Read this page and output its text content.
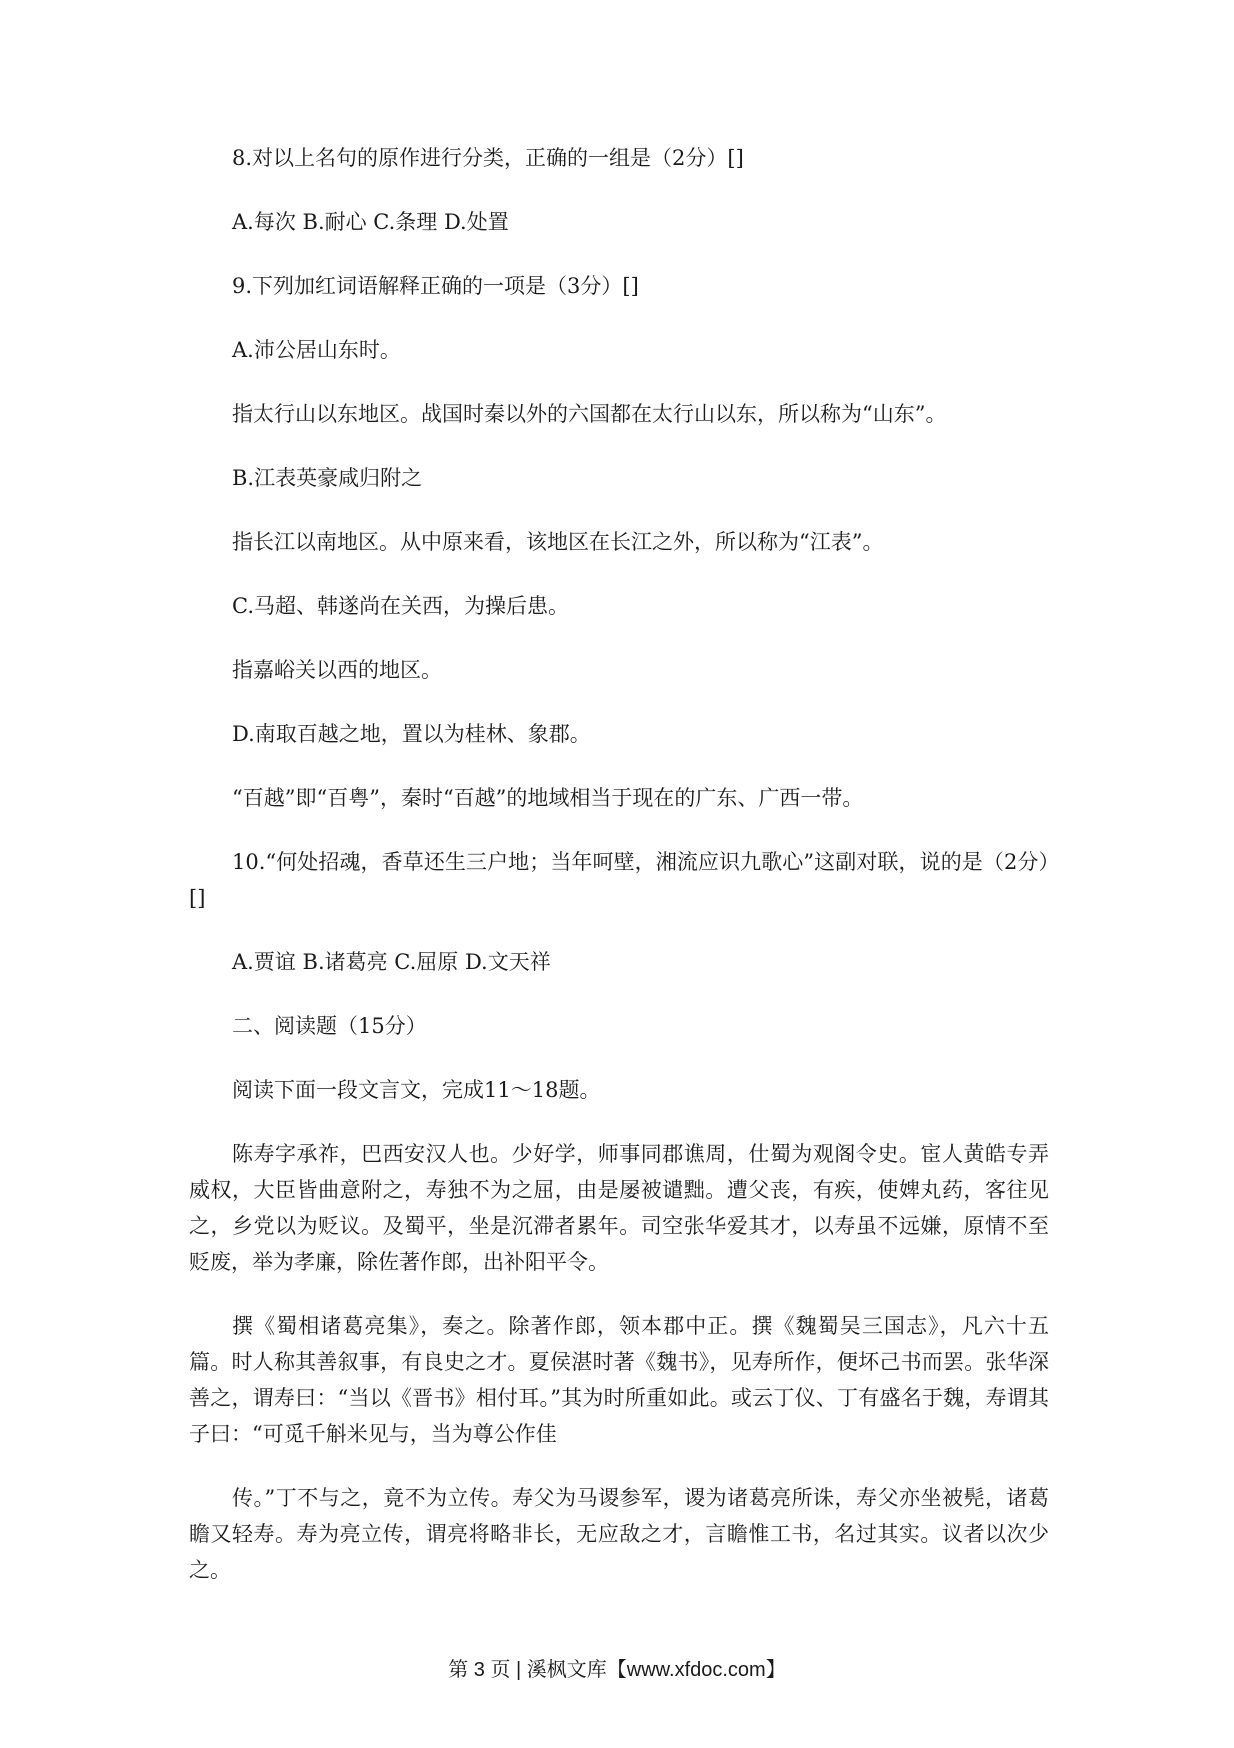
8.对以上名句的原作进行分类，正确的一组是（2分）[]

A.每次 B.耐心 C.条理 D.处置

9.下列加红词语解释正确的一项是（3分）[]

A.沛公居山东时。

指太行山以东地区。战国时秦以外的六国都在太行山以东，所以称为“山东”。

B.江表英豪咸归附之

指长江以南地区。从中原来看，该地区在长江之外，所以称为“江表”。

C.马超、韩遂尚在关西，为操后患。

指嘉峪关以西的地区。

D.南取百越之地，置以为桂林、象郡。

“百越”即“百粤”，秦时“百越”的地域相当于现在的广东、广西一带。

10.“何处招魂，香草还生三户地；当年呵壁，湘流应识九歌心”这副对联，说的是（2分）[]

A.贾谊 B.诸葛亮 C.屈原 D.文天祥

二、阅读题（15分）

阅读下面一段文言文，完成11～18题。

陈寿字承祚，巴西安汉人也。少好学，师事同郡谯周，仕蜀为观阁令史。宦人黄皓专弄威权，大臣皆曲意附之，寿独不为之屈，由是屡被谴黜。遭父丧，有疾，使婢丸药，客往见之，乡党以为贬议。及蜀平，坐是沉滞者累年。司空张华爱其才，以寿虽不远嫌，原情不至贬废，举为孝廉，除佐著作郎，出补阳平令。

撰《蜀相诸葛亮集》，奏之。除著作郎，领本郡中正。撰《魏蜀吴三国志》，凡六十五篇。时人称其善叙事，有良史之才。夏侯湛时著《魏书》，见寿所作，便坏己书而罢。张华深善之，谓寿曰：“当以《晋书》相付耳。”其为时所重如此。或云丁仪、丁有盛名于魏，寿谓其子曰：“可觅千斛米见与，当为尊公作佳

传。”丁不与之，竟不为立传。寿父为马谡参军，谡为诸葛亮所诛，寿父亦坐被髡，诸葛瞻又轻寿。寿为亮立传，谓亮将略非长，无应敌之才，言瞻惟工书，名过其实。议者以次少之。

第 3 页 | 溪枫文库【www.xfdoc.com】
